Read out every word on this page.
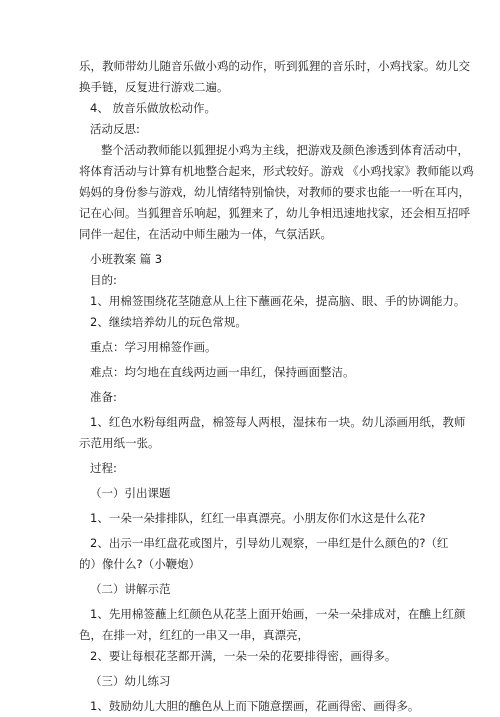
乐，教师带幼儿随音乐做小鸡的动作，听到狐狸的音乐时，小鸡找家。幼儿交
换手链，反复进行游戏二遍。
4、 放音乐做放松动作。
活动反思:
整个活动教师能以狐狸捉小鸡为主线，把游戏及颜色渗透到体育活动中，
将体育活动与计算有机地整合起来，形式较好。游戏 《小鸡找家》教师能以鸡
妈妈的身份参与游戏，幼儿情绪特别愉快，对教师的要求也能一一听在耳内，
记在心间。当狐狸音乐响起，狐狸来了，幼儿争相迅速地找家，还会相互招呼
同伴一起住，在活动中师生融为一体，气氛活跃。
小班教案 篇 3
目的:
1、用棉签围绕花茎随意从上往下蘸画花朵，提高脑、眼、手的协调能力。
2、继续培养幼儿的玩色常规。
重点：学习用棉签作画。
难点：均匀地在直线两边画一串红，保持画面整洁。
准备:
1、红色水粉每组两盘，棉签每人两根，湿抹布一块。幼儿添画用纸，教师
示范用纸一张。
过程:
（一）引出课题
1、一朵一朵排排队，红红一串真漂亮。小朋友你们水这是什么花?
2、出示一串红盘花或图片，引导幼儿观察，一串红是什么颜色的?（红
的）像什么?（小鞭炮）
（二）讲解示范
1、先用棉签蘸上红颜色从花茎上面开始画，一朵一朵排成对，在醮上红颜
色，在排一对，红红的一串又一串，真漂亮，
2、要让每根花茎都开满，一朵一朵的花要排得密，画得多。
（三）幼儿练习
1、鼓励幼儿大胆的醮色从上而下随意摆画，花画得密、画得多。
